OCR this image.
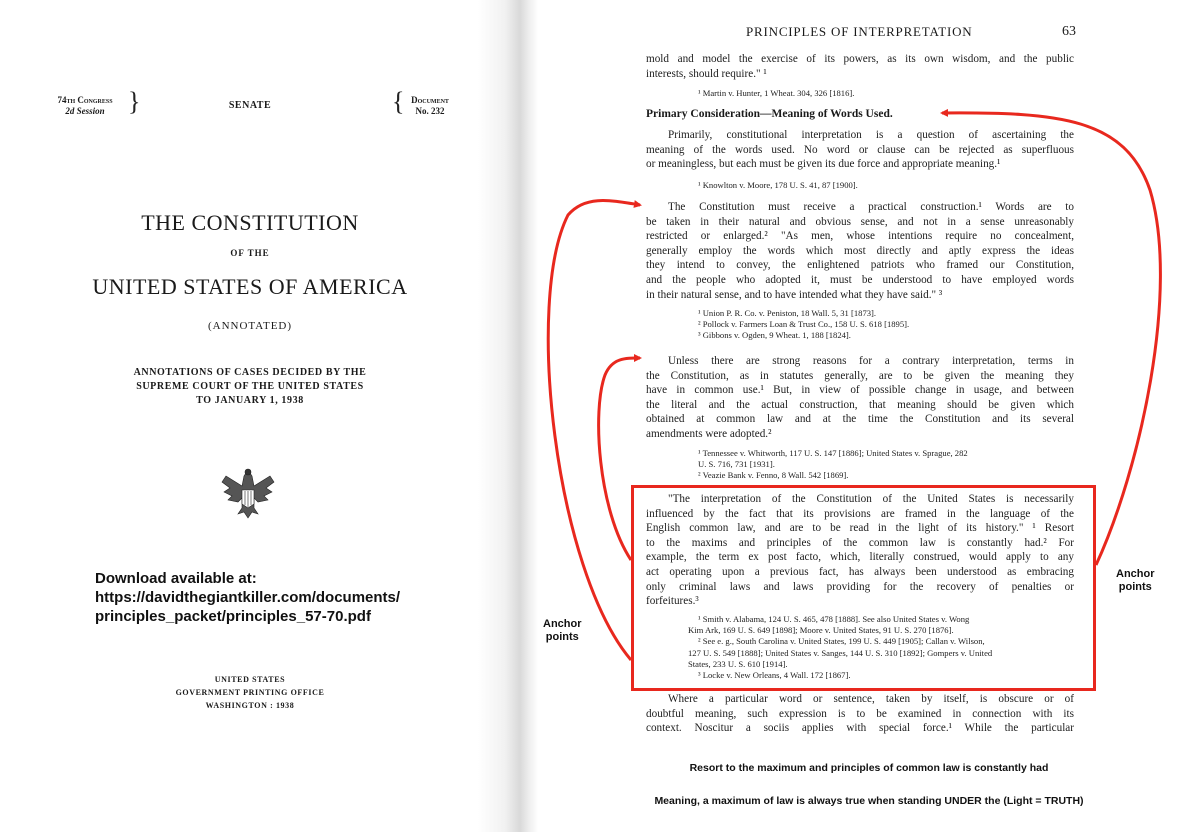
74th Congress
2d Session }	SENATE	{ Document
No. 232
THE CONSTITUTION
OF THE
UNITED STATES OF AMERICA
(ANNOTATED)
ANNOTATIONS OF CASES DECIDED BY THE
SUPREME COURT OF THE UNITED STATES
TO JANUARY 1, 1938
Download available at:
https://davidthegiantkiller.com/documents/
principles_packet/principles_57-70.pdf
UNITED STATES
GOVERNMENT PRINTING OFFICE
WASHINGTON : 1938
PRINCIPLES OF INTERPRETATION	63
mold and model the exercise of its powers, as its own wisdom, and the public
interests, should require." ¹
¹ Martin v. Hunter, 1 Wheat. 304, 326 [1816].
Primary Consideration—Meaning of Words Used.
Primarily, constitutional interpretation is a question of ascertaining the
meaning of the words used. No word or clause can be rejected as superfluous
or meaningless, but each must be given its due force and appropriate meaning.¹
¹ Knowlton v. Moore, 178 U. S. 41, 87 [1900].
The Constitution must receive a practical construction.¹ Words are to
be taken in their natural and obvious sense, and not in a sense unreasonably
restricted or enlarged.² "As men, whose intentions require no concealment,
generally employ the words which most directly and aptly express the ideas
they intend to convey, the enlightened patriots who framed our Constitution,
and the people who adopted it, must be understood to have employed words
in their natural sense, and to have intended what they have said." ³
¹ Union P. R. Co. v. Peniston, 18 Wall. 5, 31 [1873].
² Pollock v. Farmers Loan & Trust Co., 158 U. S. 618 [1895].
³ Gibbons v. Ogden, 9 Wheat. 1, 188 [1824].
Unless there are strong reasons for a contrary interpretation, terms in
the Constitution, as in statutes generally, are to be given the meaning they
have in common use.¹ But, in view of possible change in usage, and between
the literal and the actual construction, that meaning should be given which
obtained at common law and at the time the Constitution and its several
amendments were adopted.²
¹ Tennessee v. Whitworth, 117 U. S. 147 [1886]; United States v. Sprague, 282
U. S. 716, 731 [1931].
² Veazie Bank v. Fenno, 8 Wall. 542 [1869].
"The interpretation of the Constitution of the United States is necessarily
influenced by the fact that its provisions are framed in the language of the
English common law, and are to be read in the light of its history." ¹ Resort
to the maxims and principles of the common law is constantly had.² For
example, the term ex post facto, which, literally construed, would apply to any
act operating upon a previous fact, has always been understood as embracing
only criminal laws and laws providing for the recovery of penalties or
forfeitures.³
¹ Smith v. Alabama, 124 U. S. 465, 478 [1888]. See also United States v. Wong
Kim Ark, 169 U. S. 649 [1898]; Moore v. United States, 91 U. S. 270 [1876].
² See e. g., South Carolina v. United States, 199 U. S. 449 [1905]; Callan v. Wilson,
127 U. S. 549 [1888]; United States v. Sanges, 144 U. S. 310 [1892]; Gompers v. United
States, 233 U. S. 610 [1914].
³ Locke v. New Orleans, 4 Wall. 172 [1867].
Where a particular word or sentence, taken by itself, is obscure or of
doubtful meaning, such expression is to be examined in connection with its
context. Noscitur a sociis applies with special force.¹ While the particular
Resort to the maximum and principles of common law is constantly had
Meaning, a maximum of law is always true when standing UNDER the (Light = TRUTH)
Anchor
points
Anchor
points
